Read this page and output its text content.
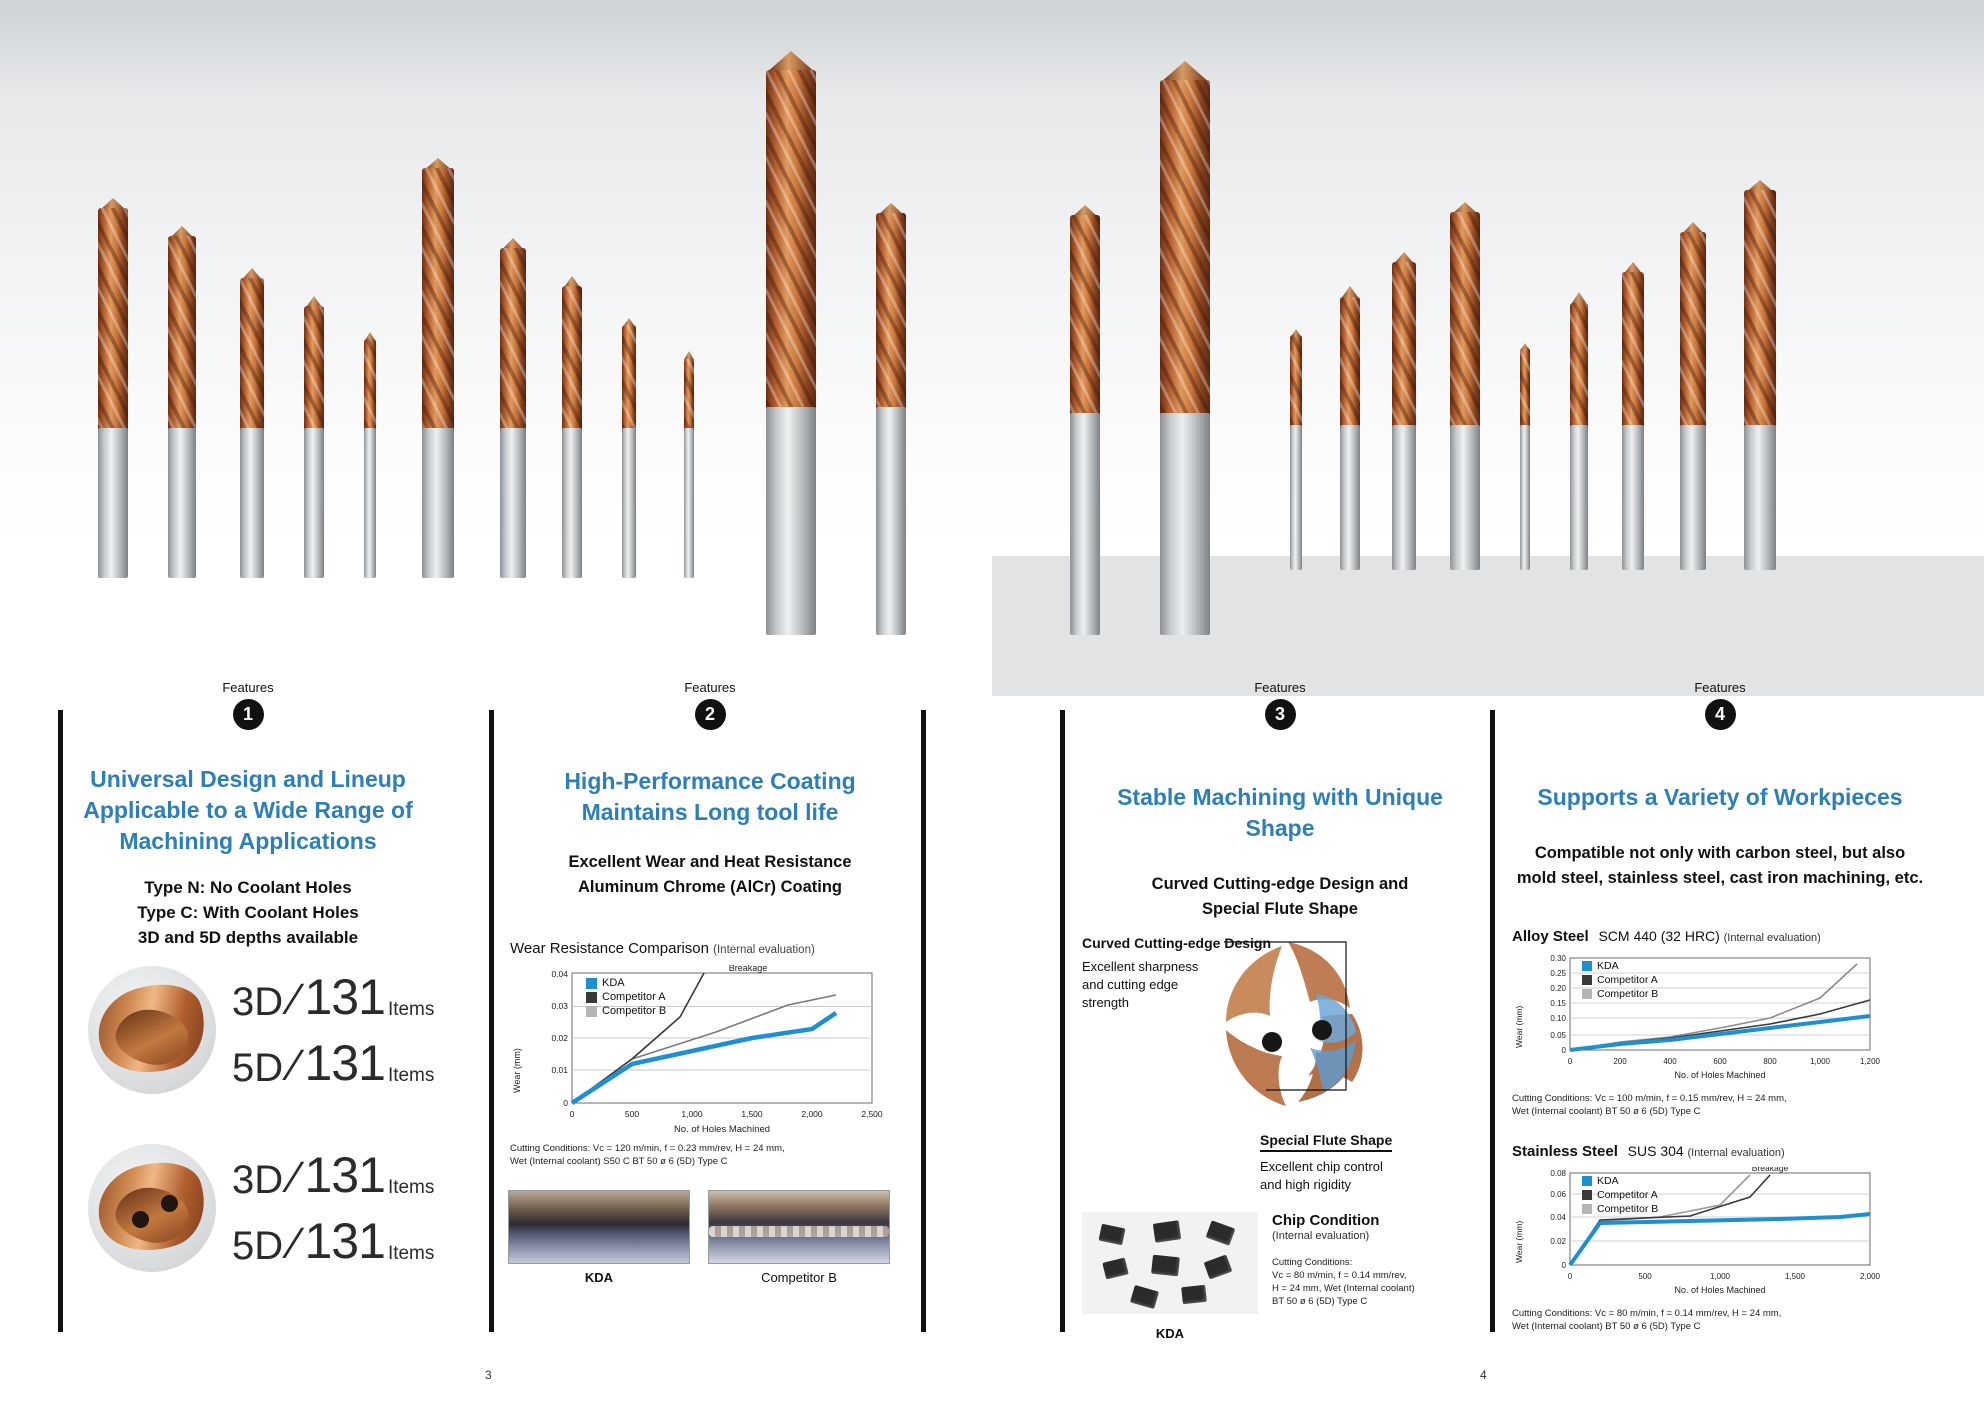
Features
1
Universal Design and Lineup
Applicable to a Wide Range of
Machining Applications
Type N: No Coolant Holes
Type C: With Coolant Holes
3D and 5D depths available
3D ∕ 131 Items
5D ∕ 131 Items
3D ∕ 131 Items
5D ∕ 131 Items
Features
2
High-Performance Coating
Maintains Long tool life
Excellent Wear and Heat Resistance
Aluminum Chrome (AlCr) Coating
Wear Resistance Comparison (Internal evaluation)
Wear (mm)
0.04
0.03
0.02
0.01
0
0	500	1,000	1,500	2,000	2,500
No. of Holes Machined
Breakage
KDA
Competitor A
Competitor B
Cutting Conditions: Vc = 120 m/min, f = 0.23 mm/rev, H = 24 mm,
Wet (Internal coolant) S50 C BT 50 ø 6 (5D) Type C
KDA	Competitor B
Features
3
Stable Machining with Unique Shape
Curved Cutting-edge Design and
Special Flute Shape
Curved Cutting-edge Design
Excellent sharpness
and cutting edge
strength
Special Flute Shape
Excellent chip control
and high rigidity
KDA
Chip Condition
(Internal evaluation)
Cutting Conditions:
Vc = 80 m/min, f = 0.14 mm/rev,
H = 24 mm, Wet (Internal coolant)
BT 50 ø 6 (5D) Type C
Features
4
Supports a Variety of Workpieces
Compatible not only with carbon steel, but also
mold steel, stainless steel, cast iron machining, etc.
Alloy Steel SCM 440 (32 HRC) (Internal evaluation)
Wear (mm)
0.30
0.25
0.20
0.15
0.10
0.05
0
0	200	400	600	800	1,000	1,200
No. of Holes Machined
KDA
Competitor A
Competitor B
Cutting Conditions: Vc = 100 m/min, f = 0.15 mm/rev, H = 24 mm,
Wet (Internal coolant) BT 50 ø 6 (5D) Type C
Stainless Steel SUS 304 (Internal evaluation)
Wear (mm)
0.08
0.06
0.04
0.02
0
0	500	1,000	1,500	2,000
No. of Holes Machined
Breakage
KDA
Competitor A
Competitor B
Cutting Conditions: Vc = 80 m/min, f = 0.14 mm/rev, H = 24 mm,
Wet (Internal coolant) BT 50 ø 6 (5D) Type C
3	4
